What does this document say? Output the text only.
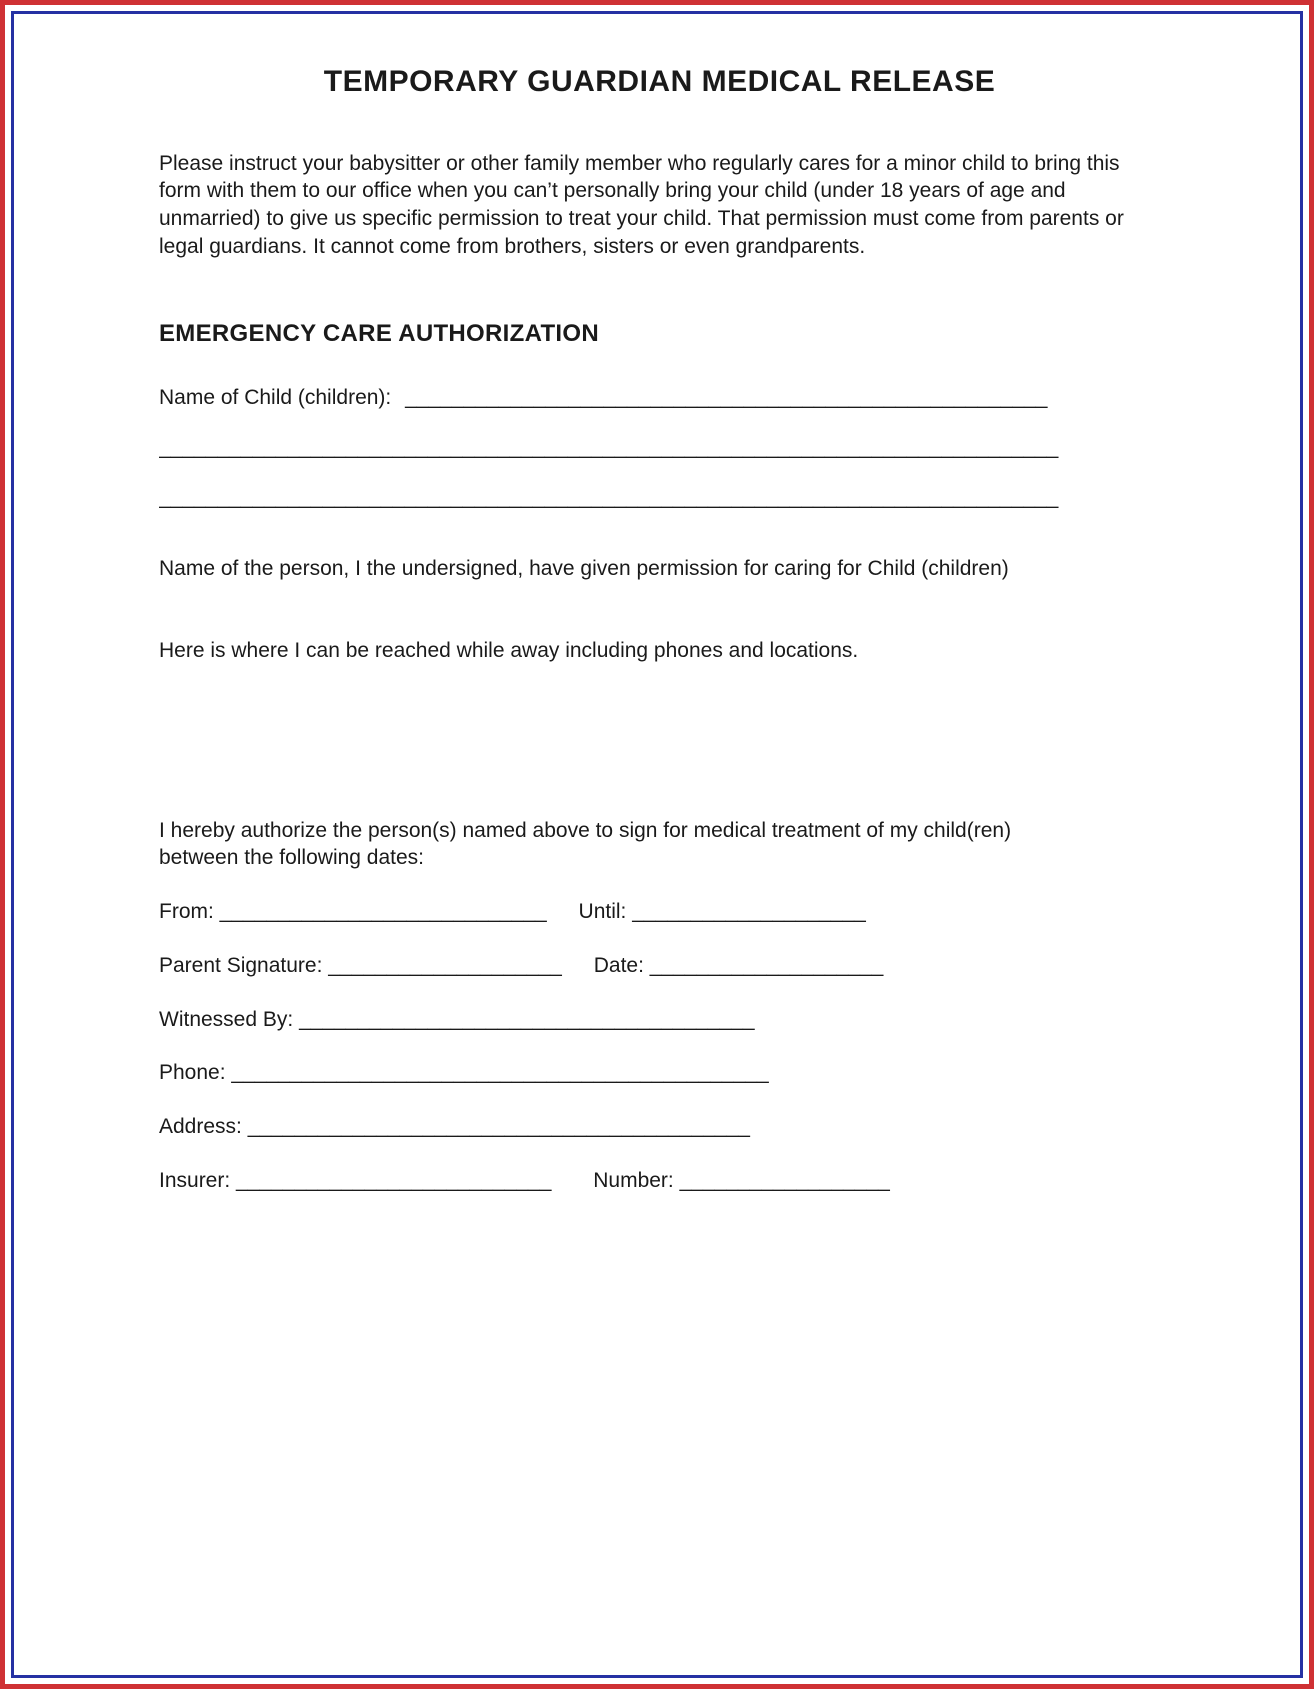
TEMPORARY GUARDIAN MEDICAL RELEASE

Please instruct your babysitter or other family member who regularly cares for a minor child to bring this form with them to our office when you can’t personally bring your child (under 18 years of age and unmarried) to give us specific permission to treat your child. That permission must come from parents or legal guardians. It cannot come from brothers, sisters or even grandparents.

EMERGENCY CARE AUTHORIZATION
Name of Child (children): _______________________________________________________
_____________________________________________________________________________
_____________________________________________________________________________

Name of the person, I the undersigned, have given permission for caring for Child (children)

Here is where I can be reached while away including phones and locations.

I hereby authorize the person(s) named above to sign for medical treatment of my child(ren) between the following dates:

From: ____________________________ Until: ____________________
Parent Signature: ____________________ Date: ____________________
Witnessed By: _______________________________________
Phone: ______________________________________________
Address: ___________________________________________
Insurer: ___________________________ Number: __________________
